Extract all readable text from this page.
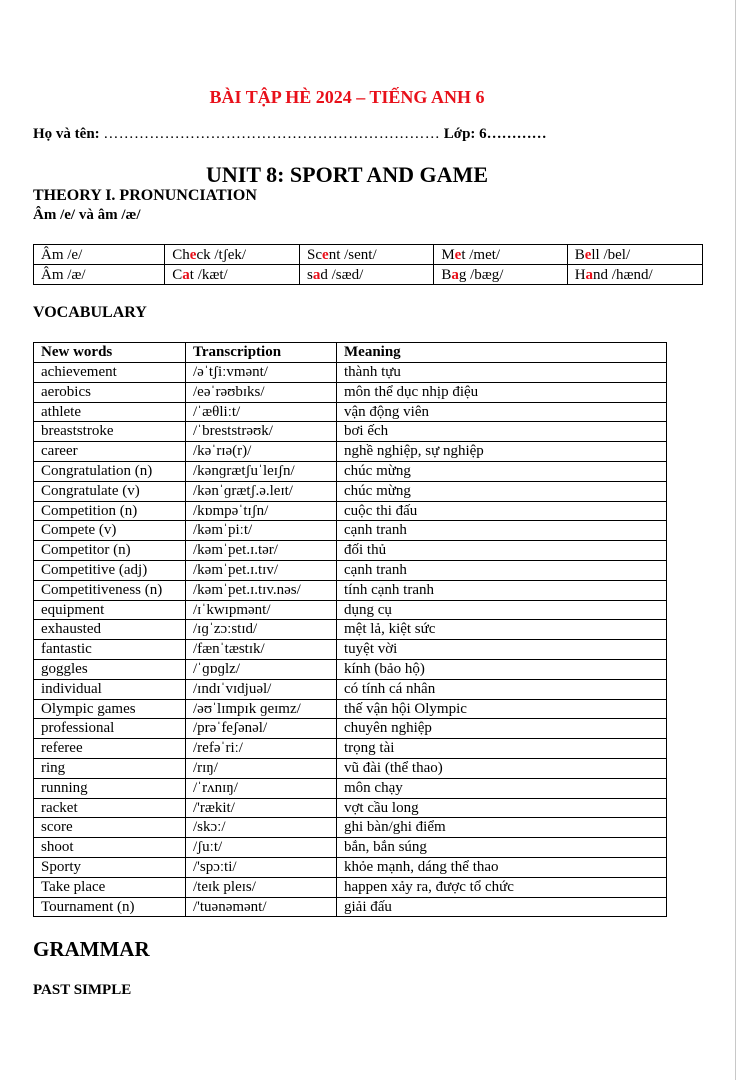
BÀI TẬP HÈ 2024 – TIẾNG ANH 6
Họ và tên: ………………………………………………………… Lớp: 6…………
UNIT 8: SPORT AND GAME
THEORY I. PRONUNCIATION
Âm /e/ và âm /æ/
Âm /e/	Check /tʃek/	Scent /sent/	Met /met/	Bell /bel/
Âm /æ/	Cat /kæt/	sad /sæd/	Bag /bæg/	Hand /hænd/
VOCABULARY
New words	Transcription	Meaning
achievement	/əˈtʃiːvmənt/	thành tựu
aerobics	/eəˈrəʊbɪks/	môn thể dục nhịp điệu
athlete	/ˈæθliːt/	vận động viên
breaststroke	/ˈbreststrəʊk/	bơi ếch
career	/kəˈrɪə(r)/	nghề nghiệp, sự nghiệp
Congratulation (n)	/kənɡrætʃuˈleɪʃn/	chúc mừng
Congratulate (v)	/kənˈɡrætʃ.ə.leɪt/	chúc mừng
Competition (n)	/kɒmpəˈtɪʃn/	cuộc thi đấu
Compete (v)	/kəmˈpiːt/	cạnh tranh
Competitor (n)	/kəmˈpet.ɪ.tər/	đối thủ
Competitive (adj)	/kəmˈpet.ɪ.tɪv/	cạnh tranh
Competitiveness (n)	/kəmˈpet.ɪ.tɪv.nəs/	tính cạnh tranh
equipment	/ɪˈkwɪpmənt/	dụng cụ
exhausted	/ɪɡˈzɔːstɪd/	mệt lả, kiệt sức
fantastic	/fænˈtæstɪk/	tuyệt vời
goggles	/ˈɡɒɡlz/	kính (bảo hộ)
individual	/ɪndɪˈvɪdjuəl/	có tính cá nhân
Olympic games	/əʊˈlɪmpɪk ɡeɪmz/	thế vận hội Olympic
professional	/prəˈfeʃənəl/	chuyên nghiệp
referee	/refəˈriː/	trọng tài
ring	/rɪŋ/	vũ đài (thể thao)
running	/ˈrʌnɪŋ/	môn chạy
racket	/'rækit/	vợt cầu long
score	/skɔː/	ghi bàn/ghi điểm
shoot	/ʃuːt/	bắn, bắn súng
Sporty	/'spɔːti/	khỏe mạnh, dáng thể thao
Take place	/teɪk pleɪs/	happen xảy ra, được tổ chức
Tournament (n)	/'tuənəmənt/	giải đấu
GRAMMAR
PAST SIMPLE
